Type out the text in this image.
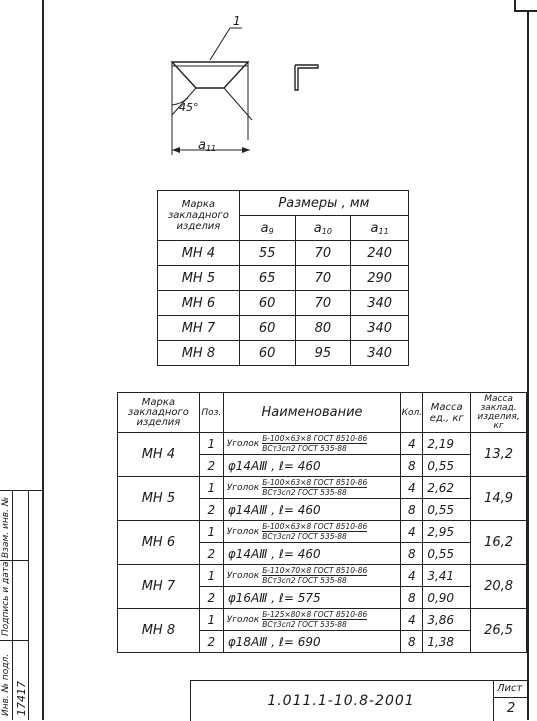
1
45°
$a_{11}$
Марка закладного изделия	Размеры , мм		
	$a_9$	$a_{10}$	$a_{11}$
МН 4	55	70	240
МН 5	65	70	290
МН 6	60	70	340
МН 7	60	80	340
МН 8	60	95	340
Марка закладного изделия	Поз.	Наименование	Кол.	Масса ед., кг	Масса заклад. изделия, кг

МН 4	1	Уголок $\frac{\text{Б-100×63×8 ГОСТ 8510-86}}{\text{ВСт3сп2 ГОСТ 535-88}}$	4	2,19	13,2
	2	φ14АⅢ , ℓ= 460	8	0,55	
МН 5	1	Уголок $\frac{\text{Б-100×63×8 ГОСТ 8510-86}}{\text{ВСт3сп2 ГОСТ 535-88}}$	4	2,62	14,9
	2	φ14АⅢ , ℓ= 460	8	0,55	
МН 6	1	Уголок $\frac{\text{Б-100×63×8 ГОСТ 8510-86}}{\text{ВСт3сп2 ГОСТ 535-88}}$	4	2,95	16,2
	2	φ14АⅢ , ℓ= 460	8	0,55	
МН 7	1	Уголок $\frac{\text{Б-110×70×8 ГОСТ 8510-86}}{\text{ВСт3сп2 ГОСТ 535-88}}$	4	3,41	20,8
	2	φ16АⅢ , ℓ= 575	8	0,90	
МН 8	1	Уголок $\frac{\text{Б-125×80×8 ГОСТ 8510-86}}{\text{ВСт3сп2 ГОСТ 535-88}}$	4	3,86	26,5
	2	φ18АⅢ , ℓ= 690	8	1,38	
Взам. инв. №
Подпись и дата
Инв. № подл. 17417	1.011.1-10.8-2001
Лист
2
